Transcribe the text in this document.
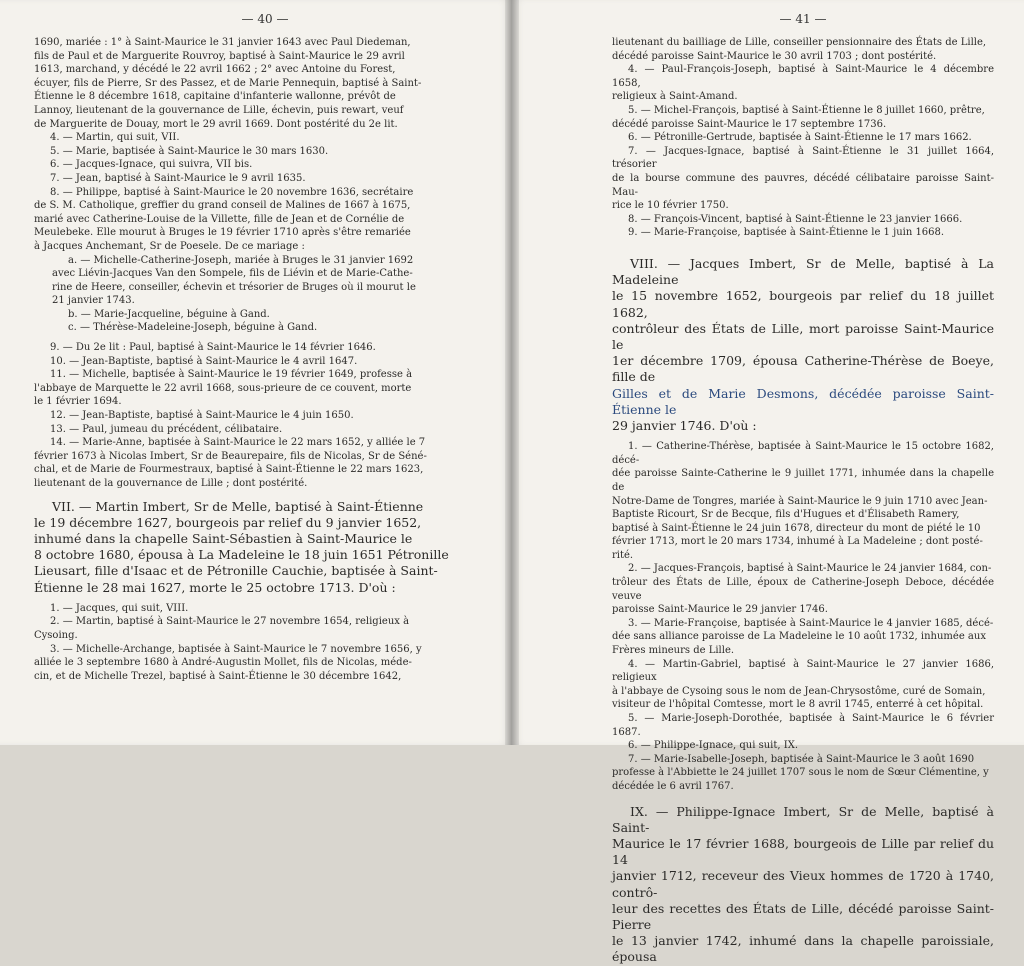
— 40 —

1690, mariée : 1° à Saint-Maurice le 31 janvier 1643 avec Paul Diedeman,

fils de Paul et de Marguerite Rouvroy, baptisé à Saint-Maurice le 29 avril

1613, marchand, y décédé le 22 avril 1662 ; 2° avec Antoine du Forest,

écuyer, fils de Pierre, Sr des Passez, et de Marie Pennequin, baptisé à Saint-

Étienne le 8 décembre 1618, capitaine d'infanterie wallonne, prévôt de

Lannoy, lieutenant de la gouvernance de Lille, échevin, puis rewart, veuf

de Marguerite de Douay, mort le 29 avril 1669. Dont postérité du 2e lit.

4. — Martin, qui suit, VII.

5. — Marie, baptisée à Saint-Maurice le 30 mars 1630.

6. — Jacques-Ignace, qui suivra, VII bis.

7. — Jean, baptisé à Saint-Maurice le 9 avril 1635.

8. — Philippe, baptisé à Saint-Maurice le 20 novembre 1636, secrétaire

de S. M. Catholique, greffier du grand conseil de Malines de 1667 à 1675,

marié avec Catherine-Louise de la Villette, fille de Jean et de Cornélie de

Meulebeke. Elle mourut à Bruges le 19 février 1710 après s'être remariée

à Jacques Anchemant, Sr de Poesele. De ce mariage :

a. — Michelle-Catherine-Joseph, mariée à Bruges le 31 janvier 1692

avec Liévin-Jacques Van den Sompele, fils de Liévin et de Marie-Cathe-

rine de Heere, conseiller, échevin et trésorier de Bruges où il mourut le

21 janvier 1743.

b. — Marie-Jacqueline, béguine à Gand.

c. — Thérèse-Madeleine-Joseph, béguine à Gand.

9. — Du 2e lit : Paul, baptisé à Saint-Maurice le 14 février 1646.

10. — Jean-Baptiste, baptisé à Saint-Maurice le 4 avril 1647.

11. — Michelle, baptisée à Saint-Maurice le 19 février 1649, professe à

l'abbaye de Marquette le 22 avril 1668, sous-prieure de ce couvent, morte

le 1 février 1694.

12. — Jean-Baptiste, baptisé à Saint-Maurice le 4 juin 1650.

13. — Paul, jumeau du précédent, célibataire.

14. — Marie-Anne, baptisée à Saint-Maurice le 22 mars 1652, y alliée le 7

février 1673 à Nicolas Imbert, Sr de Beaurepaire, fils de Nicolas, Sr de Séné-

chal, et de Marie de Fourmestraux, baptisé à Saint-Étienne le 22 mars 1623,

lieutenant de la gouvernance de Lille ; dont postérité.

VII. — Martin Imbert, Sr de Melle, baptisé à Saint-Étienne

le 19 décembre 1627, bourgeois par relief du 9 janvier 1652,

inhumé dans la chapelle Saint-Sébastien à Saint-Maurice le

8 octobre 1680, épousa à La Madeleine le 18 juin 1651 Pétronille

Lieusart, fille d'Isaac et de Pétronille Cauchie, baptisée à Saint-

Étienne le 28 mai 1627, morte le 25 octobre 1713. D'où :

1. — Jacques, qui suit, VIII.

2. — Martin, baptisé à Saint-Maurice le 27 novembre 1654, religieux à

Cysoing.

3. — Michelle-Archange, baptisée à Saint-Maurice le 7 novembre 1656, y

alliée le 3 septembre 1680 à André-Augustin Mollet, fils de Nicolas, méde-

cin, et de Michelle Trezel, baptisé à Saint-Étienne le 30 décembre 1642,

— 41 —

lieutenant du bailliage de Lille, conseiller pensionnaire des États de Lille,

décédé paroisse Saint-Maurice le 30 avril 1703 ; dont postérité.

4. — Paul-François-Joseph, baptisé à Saint-Maurice le 4 décembre 1658,

religieux à Saint-Amand.

5. — Michel-François, baptisé à Saint-Étienne le 8 juillet 1660, prêtre,

décédé paroisse Saint-Maurice le 17 septembre 1736.

6. — Pétronille-Gertrude, baptisée à Saint-Étienne le 17 mars 1662.

7. — Jacques-Ignace, baptisé à Saint-Étienne le 31 juillet 1664, trésorier

de la bourse commune des pauvres, décédé célibataire paroisse Saint-Mau-

rice le 10 février 1750.

8. — François-Vincent, baptisé à Saint-Étienne le 23 janvier 1666.

9. — Marie-Françoise, baptisée à Saint-Étienne le 1 juin 1668.

VIII. — Jacques Imbert, Sr de Melle, baptisé à La Madeleine

le 15 novembre 1652, bourgeois par relief du 18 juillet 1682,

contrôleur des États de Lille, mort paroisse Saint-Maurice le

1er décembre 1709, épousa Catherine-Thérèse de Boeye, fille de

Gilles et de Marie Desmons, décédée paroisse Saint-Étienne le

29 janvier 1746. D'où :

1. — Catherine-Thérèse, baptisée à Saint-Maurice le 15 octobre 1682, décé-

dée paroisse Sainte-Catherine le 9 juillet 1771, inhumée dans la chapelle de

Notre-Dame de Tongres, mariée à Saint-Maurice le 9 juin 1710 avec Jean-

Baptiste Ricourt, Sr de Becque, fils d'Hugues et d'Élisabeth Ramery,

baptisé à Saint-Étienne le 24 juin 1678, directeur du mont de piété le 10

février 1713, mort le 20 mars 1734, inhumé à La Madeleine ; dont posté-

rité.

2. — Jacques-François, baptisé à Saint-Maurice le 24 janvier 1684, con-

trôleur des États de Lille, époux de Catherine-Joseph Deboce, décédée veuve

paroisse Saint-Maurice le 29 janvier 1746.

3. — Marie-Françoise, baptisée à Saint-Maurice le 4 janvier 1685, décé-

dée sans alliance paroisse de La Madeleine le 10 août 1732, inhumée aux

Frères mineurs de Lille.

4. — Martin-Gabriel, baptisé à Saint-Maurice le 27 janvier 1686, religieux

à l'abbaye de Cysoing sous le nom de Jean-Chrysostôme, curé de Somain,

visiteur de l'hôpital Comtesse, mort le 8 avril 1745, enterré à cet hôpital.

5. — Marie-Joseph-Dorothée, baptisée à Saint-Maurice le 6 février 1687.

6. — Philippe-Ignace, qui suit, IX.

7. — Marie-Isabelle-Joseph, baptisée à Saint-Maurice le 3 août 1690

professe à l'Abbiette le 24 juillet 1707 sous le nom de Sœur Clémentine, y

décédée le 6 avril 1767.

IX. — Philippe-Ignace Imbert, Sr de Melle, baptisé à Saint-

Maurice le 17 février 1688, bourgeois de Lille par relief du 14

janvier 1712, receveur des Vieux hommes de 1720 à 1740, contrô-

leur des recettes des États de Lille, décédé paroisse Saint-Pierre

le 13 janvier 1742, inhumé dans la chapelle paroissiale, épousa
